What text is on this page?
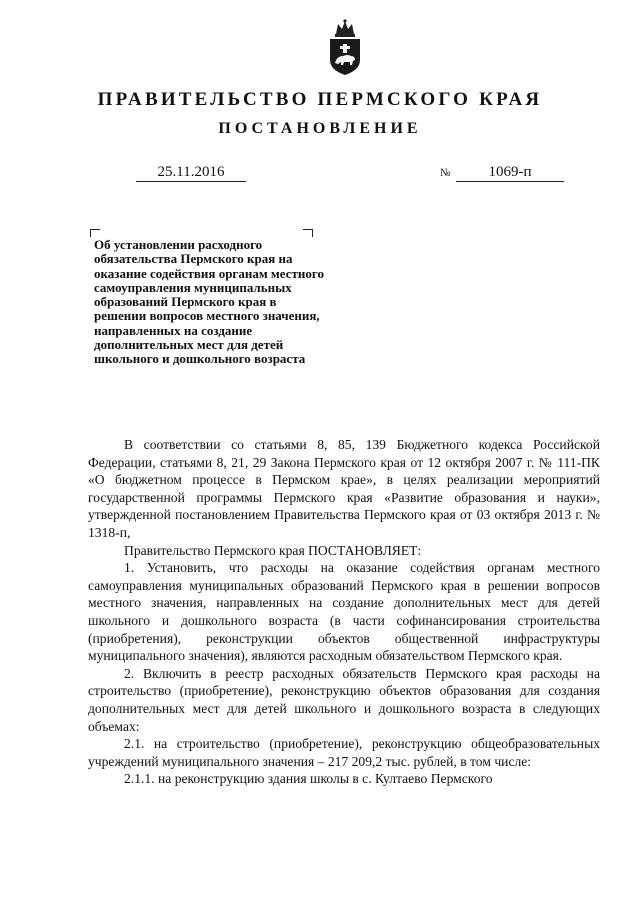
ПРАВИТЕЛЬСТВО ПЕРМСКОГО КРАЯ
ПОСТАНОВЛЕНИЕ
25.11.2016	№	1069-п
Об установлении расходного обязательства Пермского края на оказание содействия органам местного самоуправления муниципальных образований Пермского края в решении вопросов местного значения, направленных на создание дополнительных мест для детей школьного и дошкольного возраста

В соответствии со статьями 8, 85, 139 Бюджетного кодекса Российской Федерации, статьями 8, 21, 29 Закона Пермского края от 12 октября 2007 г. № 111-ПК «О бюджетном процессе в Пермском крае», в целях реализации мероприятий государственной программы Пермского края «Развитие образования и науки», утвержденной постановлением Правительства Пермского края от 03 октября 2013 г. № 1318-п,

Правительство Пермского края ПОСТАНОВЛЯЕТ:

1. Установить, что расходы на оказание содействия органам местного самоуправления муниципальных образований Пермского края в решении вопросов местного значения, направленных на создание дополнительных мест для детей школьного и дошкольного возраста (в части софинансирования строительства (приобретения), реконструкции объектов общественной инфраструктуры муниципального значения), являются расходным обязательством Пермского края.

2. Включить в реестр расходных обязательств Пермского края расходы на строительство (приобретение), реконструкцию объектов образования для создания дополнительных мест для детей школьного и дошкольного возраста в следующих объемах:

2.1. на строительство (приобретение), реконструкцию общеобразовательных учреждений муниципального значения – 217 209,2 тыс. рублей, в том числе:

2.1.1. на реконструкцию здания школы в с. Култаево Пермского
